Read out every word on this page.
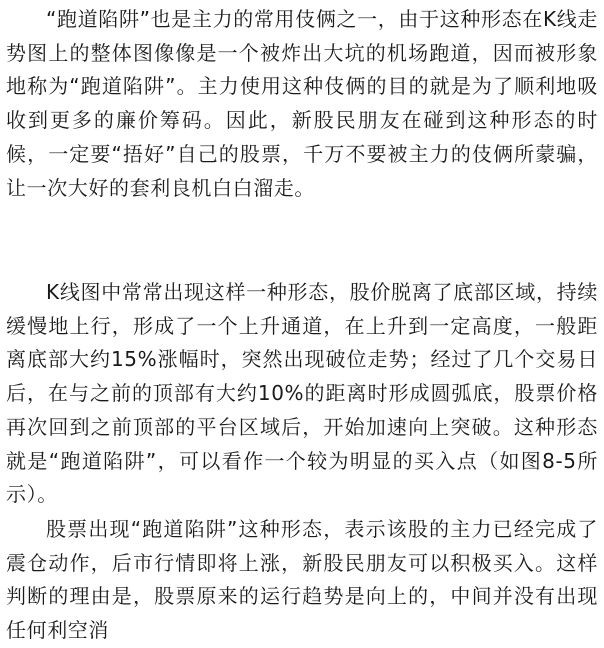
“跑道陷阱”也是主力的常用伎俩之一，由于这种形态在K线走势图上的整体图像像是一个被炸出大坑的机场跑道，因而被形象地称为“跑道陷阱”。主力使用这种伎俩的目的就是为了顺利地吸收到更多的廉价筹码。因此，新股民朋友在碰到这种形态的时候，一定要“捂好”自己的股票，千万不要被主力的伎俩所蒙骗，让一次大好的套利良机白白溜走。

K线图中常常出现这样一种形态，股价脱离了底部区域，持续缓慢地上行，形成了一个上升通道，在上升到一定高度，一般距离底部大约15%涨幅时，突然出现破位走势；经过了几个交易日后，在与之前的顶部有大约10%的距离时形成圆弧底，股票价格再次回到之前顶部的平台区域后，开始加速向上突破。这种形态就是“跑道陷阱”，可以看作一个较为明显的买入点（如图8-5所示）。

股票出现“跑道陷阱”这种形态，表示该股的主力已经完成了震仓动作，后市行情即将上涨，新股民朋友可以积极买入。这样判断的理由是，股票原来的运行趋势是向上的，中间并没有出现任何利空消
